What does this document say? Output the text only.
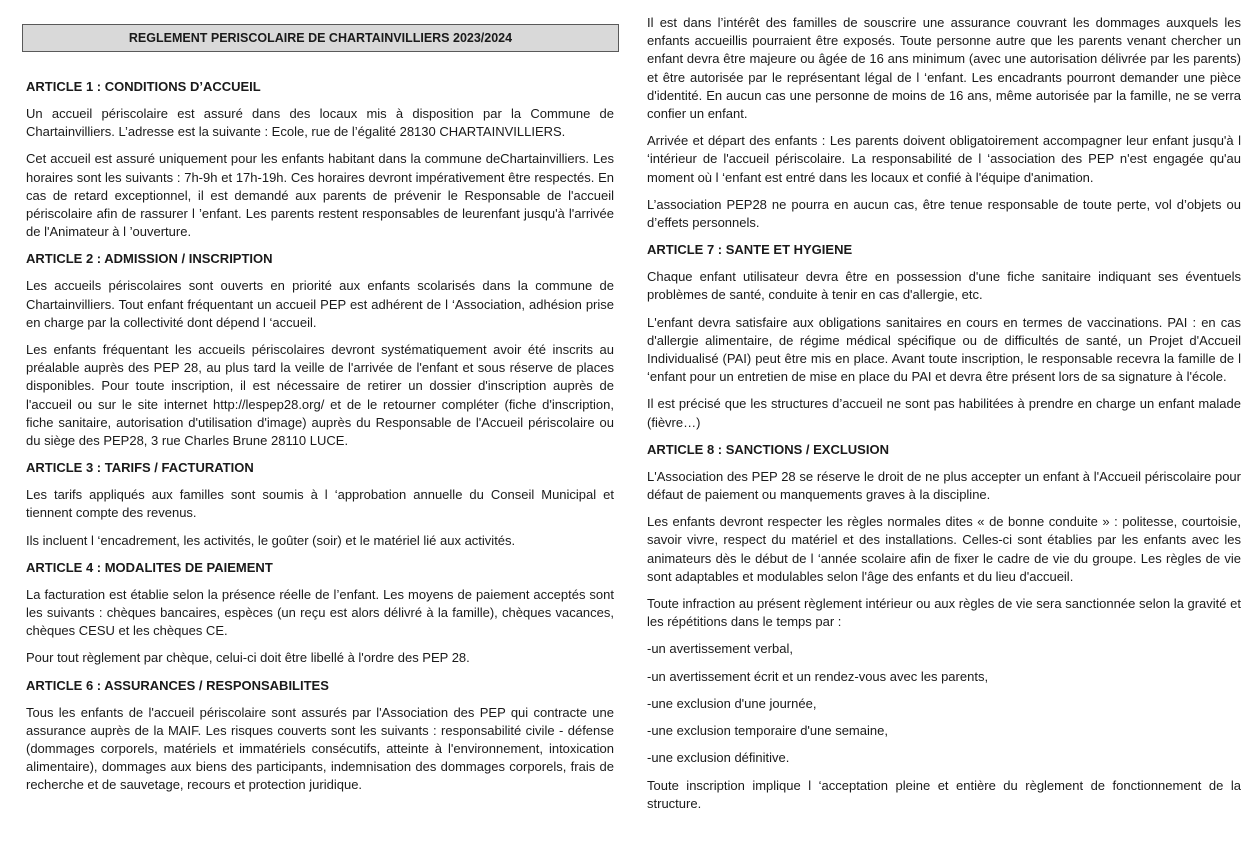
REGLEMENT PERISCOLAIRE DE CHARTAINVILLIERS 2023/2024
ARTICLE 1 : CONDITIONS D’ACCUEIL

Un accueil périscolaire est assuré dans des locaux mis à disposition par la Commune de Chartainvilliers. L’adresse est la suivante : Ecole, rue de l’égalité 28130 CHARTAINVILLIERS.

Cet accueil est assuré uniquement pour les enfants habitant dans la commune deChartainvilliers. Les horaires sont les suivants : 7h-9h et 17h-19h. Ces horaires devront impérativement être respectés. En cas de retard exceptionnel, il est demandé aux parents de prévenir le Responsable de l'accueil périscolaire afin de rassurer l ’enfant. Les parents restent responsables de leurenfant jusqu'à l'arrivée de l'Animateur à l ’ouverture.

ARTICLE 2 : ADMISSION / INSCRIPTION

Les accueils périscolaires sont ouverts en priorité aux enfants scolarisés dans la commune de Chartainvilliers. Tout enfant fréquentant un accueil PEP est adhérent de l ‘Association, adhésion prise en charge par la collectivité dont dépend l ‘accueil.

Les enfants fréquentant les accueils périscolaires devront systématiquement avoir été inscrits au préalable auprès des PEP 28, au plus tard la veille de l'arrivée de l'enfant et sous réserve de places disponibles. Pour toute inscription, il est nécessaire de retirer un dossier d'inscription auprès de l'accueil ou sur le site internet http://lespep28.org/ et de le retourner compléter (fiche d'inscription, fiche sanitaire, autorisation d'utilisation d'image) auprès du Responsable de l'Accueil périscolaire ou du siège des PEP28, 3 rue Charles Brune 28110 LUCE.

ARTICLE 3 : TARIFS / FACTURATION

Les tarifs appliqués aux familles sont soumis à l ‘approbation annuelle du Conseil Municipal et tiennent compte des revenus.

Ils incluent l ‘encadrement, les activités, le goûter (soir) et le matériel lié aux activités.

ARTICLE 4 : MODALITES DE PAIEMENT

La facturation est établie selon la présence réelle de l’enfant. Les moyens de paiement acceptés sont les suivants : chèques bancaires, espèces (un reçu est alors délivré à la famille), chèques vacances, chèques CESU et les chèques CE.

Pour tout règlement par chèque, celui-ci doit être libellé à l'ordre des PEP 28.

ARTICLE 6 : ASSURANCES / RESPONSABILITES

Tous les enfants de l'accueil périscolaire sont assurés par l'Association des PEP qui contracte une assurance auprès de la MAIF. Les risques couverts sont les suivants : responsabilité civile - défense (dommages corporels, matériels et immatériels consécutifs, atteinte à l'environnement, intoxication alimentaire), dommages aux biens des participants, indemnisation des dommages corporels, frais de recherche et de sauvetage, recours et protection juridique.

Il est dans l’intérêt des familles de souscrire une assurance couvrant les dommages auxquels les enfants accueillis pourraient être exposés. Toute personne autre que les parents venant chercher un enfant devra être majeure ou âgée de 16 ans minimum (avec une autorisation délivrée par les parents) et être autorisée par le représentant légal de l ‘enfant. Les encadrants pourront demander une pièce d'identité. En aucun cas une personne de moins de 16 ans, même autorisée par la famille, ne se verra confier un enfant.

Arrivée et départ des enfants : Les parents doivent obligatoirement accompagner leur enfant jusqu'à l ‘intérieur de l'accueil périscolaire. La responsabilité de l ‘association des PEP n'est engagée qu'au moment où l ‘enfant est entré dans les locaux et confié à l'équipe d'animation.

L’association PEP28 ne pourra en aucun cas, être tenue responsable de toute perte, vol d’objets ou d’effets personnels.

ARTICLE 7 : SANTE ET HYGIENE

Chaque enfant utilisateur devra être en possession d'une fiche sanitaire indiquant ses éventuels problèmes de santé, conduite à tenir en cas d'allergie, etc.

L'enfant devra satisfaire aux obligations sanitaires en cours en termes de vaccinations. PAI : en cas d'allergie alimentaire, de régime médical spécifique ou de difficultés de santé, un Projet d'Accueil Individualisé (PAI) peut être mis en place. Avant toute inscription, le responsable recevra la famille de l ‘enfant pour un entretien de mise en place du PAI et devra être présent lors de sa signature à l'école.

Il est précisé que les structures d’accueil ne sont pas habilitées à prendre en charge un enfant malade (fièvre…)

ARTICLE 8 : SANCTIONS / EXCLUSION

L'Association des PEP 28 se réserve le droit de ne plus accepter un enfant à l'Accueil périscolaire pour défaut de paiement ou manquements graves à la discipline.

Les enfants devront respecter les règles normales dites « de bonne conduite » : politesse, courtoisie, savoir vivre, respect du matériel et des installations. Celles-ci sont établies par les enfants avec les animateurs dès le début de l ‘année scolaire afin de fixer le cadre de vie du groupe. Les règles de vie sont adaptables et modulables selon l'âge des enfants et du lieu d'accueil.

Toute infraction au présent règlement intérieur ou aux règles de vie sera sanctionnée selon la gravité et les répétitions dans le temps par :

-un avertissement verbal,

-un avertissement écrit et un rendez-vous avec les parents,

-une exclusion d'une journée,

-une exclusion temporaire d'une semaine,

-une exclusion définitive.

Toute inscription implique l ‘acceptation pleine et entière du règlement de fonctionnement de la structure.
